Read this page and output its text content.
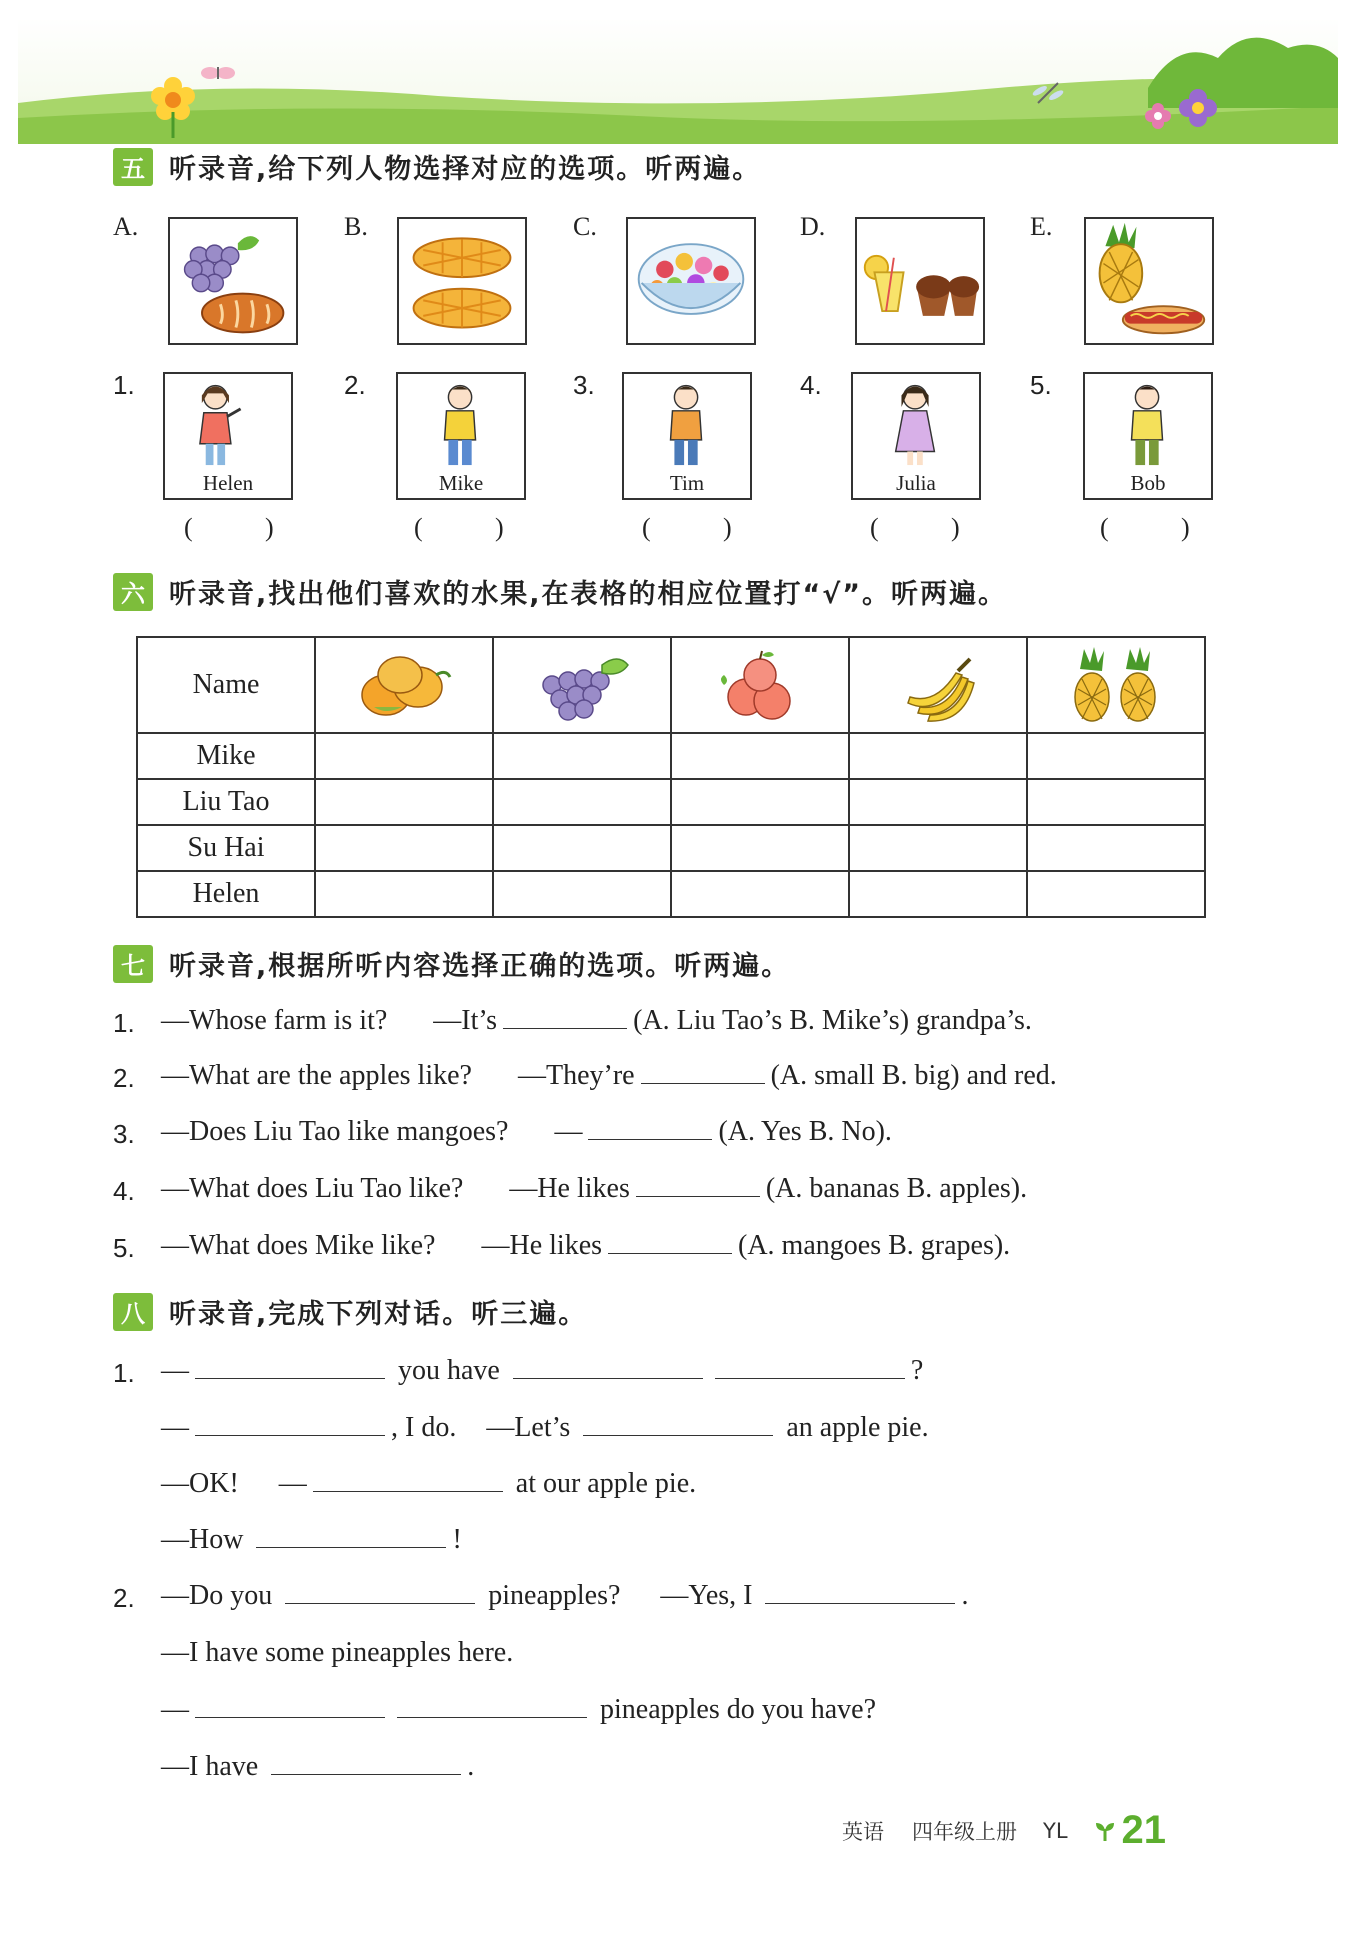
五 听录音,给下列人物选择对应的选项。听两遍。
A.	B.	C.	D.	E.
1.	2.	3.	4.	5.
Helen	Mike	Tim	Julia	Bob
(	)	(	)	(	)	(	)	(	)
六 听录音,找出他们喜欢的水果,在表格的相应位置打“√”。听两遍。
Name	

Mike					
Liu Tao					
Su Hai					
Helen					
七 听录音,根据所听内容选择正确的选项。听两遍。
1. —Whose farm is it? —It’s	(A. Liu Tao’s B. Mike’s) grandpa’s.
2. —What are the apples like? —They’re	(A. small B. big) and red.
3. —Does Liu Tao like mangoes? —	(A. Yes B. No).
4. —What does Liu Tao like? —He likes	(A. bananas B. apples).
5. —What does Mike like? —He likes	(A. mangoes B. grapes).
八 听录音,完成下列对话。听三遍。
1. —	you have	?
—	, I do. —Let’s	an apple pie.
—OK! —	at our apple pie.
—How	!
2. —Do you	pineapples? —Yes, I	.
—I have some pineapples here.
—	pineapples do you have?
—I have	.
英语 四年级上册 YL 21
